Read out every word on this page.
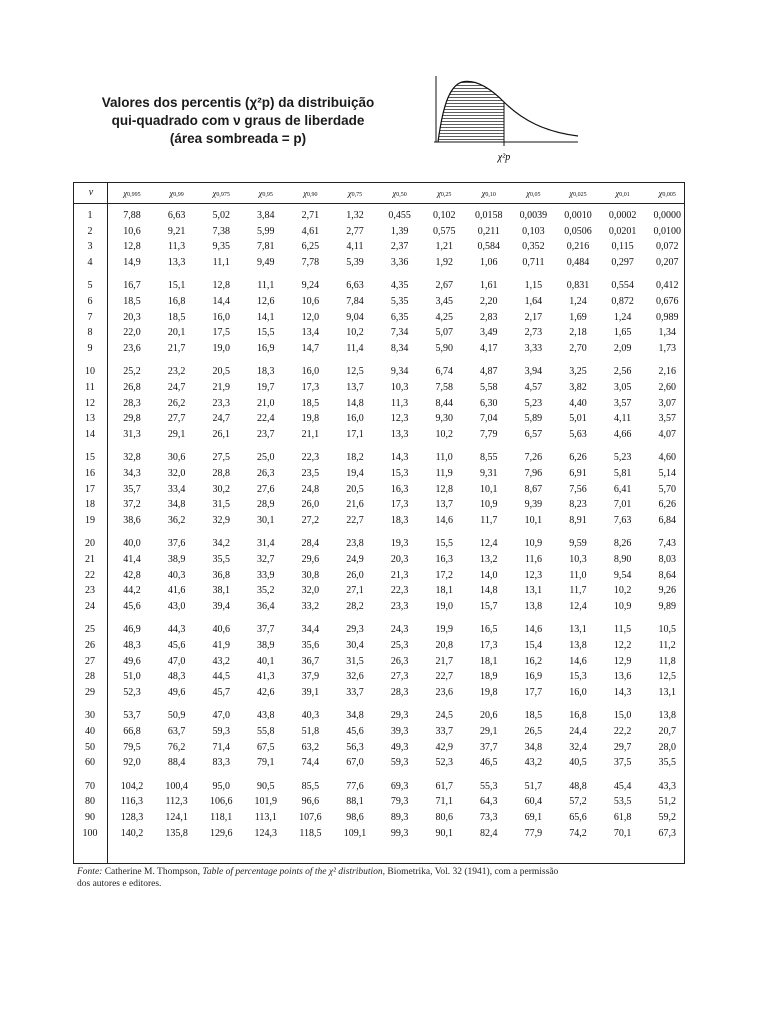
Valores dos percentis (χ²p) da distribuição
qui-quadrado com ν graus de liberdade
(área sombreada = p)
χ²p
ν	χ0,995	χ0,99	χ0,975	χ0,95	χ0,90	χ0,75	χ0,50	χ0,25	χ0,10	χ0,05	χ0,025	χ0,01	χ0,005
1	7,88	6,63	5,02	3,84	2,71	1,32	0,455	0,102	0,0158	0,0039	0,0010	0,0002	0,0000
2	10,6	9,21	7,38	5,99	4,61	2,77	1,39	0,575	0,211	0,103	0,0506	0,0201	0,0100
3	12,8	11,3	9,35	7,81	6,25	4,11	2,37	1,21	0,584	0,352	0,216	0,115	0,072
4	14,9	13,3	11,1	9,49	7,78	5,39	3,36	1,92	1,06	0,711	0,484	0,297	0,207
5	16,7	15,1	12,8	11,1	9,24	6,63	4,35	2,67	1,61	1,15	0,831	0,554	0,412
6	18,5	16,8	14,4	12,6	10,6	7,84	5,35	3,45	2,20	1,64	1,24	0,872	0,676
7	20,3	18,5	16,0	14,1	12,0	9,04	6,35	4,25	2,83	2,17	1,69	1,24	0,989
8	22,0	20,1	17,5	15,5	13,4	10,2	7,34	5,07	3,49	2,73	2,18	1,65	1,34
9	23,6	21,7	19,0	16,9	14,7	11,4	8,34	5,90	4,17	3,33	2,70	2,09	1,73
10	25,2	23,2	20,5	18,3	16,0	12,5	9,34	6,74	4,87	3,94	3,25	2,56	2,16
11	26,8	24,7	21,9	19,7	17,3	13,7	10,3	7,58	5,58	4,57	3,82	3,05	2,60
12	28,3	26,2	23,3	21,0	18,5	14,8	11,3	8,44	6,30	5,23	4,40	3,57	3,07
13	29,8	27,7	24,7	22,4	19,8	16,0	12,3	9,30	7,04	5,89	5,01	4,11	3,57
14	31,3	29,1	26,1	23,7	21,1	17,1	13,3	10,2	7,79	6,57	5,63	4,66	4,07
15	32,8	30,6	27,5	25,0	22,3	18,2	14,3	11,0	8,55	7,26	6,26	5,23	4,60
16	34,3	32,0	28,8	26,3	23,5	19,4	15,3	11,9	9,31	7,96	6,91	5,81	5,14
17	35,7	33,4	30,2	27,6	24,8	20,5	16,3	12,8	10,1	8,67	7,56	6,41	5,70
18	37,2	34,8	31,5	28,9	26,0	21,6	17,3	13,7	10,9	9,39	8,23	7,01	6,26
19	38,6	36,2	32,9	30,1	27,2	22,7	18,3	14,6	11,7	10,1	8,91	7,63	6,84
20	40,0	37,6	34,2	31,4	28,4	23,8	19,3	15,5	12,4	10,9	9,59	8,26	7,43
21	41,4	38,9	35,5	32,7	29,6	24,9	20,3	16,3	13,2	11,6	10,3	8,90	8,03
22	42,8	40,3	36,8	33,9	30,8	26,0	21,3	17,2	14,0	12,3	11,0	9,54	8,64
23	44,2	41,6	38,1	35,2	32,0	27,1	22,3	18,1	14,8	13,1	11,7	10,2	9,26
24	45,6	43,0	39,4	36,4	33,2	28,2	23,3	19,0	15,7	13,8	12,4	10,9	9,89
25	46,9	44,3	40,6	37,7	34,4	29,3	24,3	19,9	16,5	14,6	13,1	11,5	10,5
26	48,3	45,6	41,9	38,9	35,6	30,4	25,3	20,8	17,3	15,4	13,8	12,2	11,2
27	49,6	47,0	43,2	40,1	36,7	31,5	26,3	21,7	18,1	16,2	14,6	12,9	11,8
28	51,0	48,3	44,5	41,3	37,9	32,6	27,3	22,7	18,9	16,9	15,3	13,6	12,5
29	52,3	49,6	45,7	42,6	39,1	33,7	28,3	23,6	19,8	17,7	16,0	14,3	13,1
30	53,7	50,9	47,0	43,8	40,3	34,8	29,3	24,5	20,6	18,5	16,8	15,0	13,8
40	66,8	63,7	59,3	55,8	51,8	45,6	39,3	33,7	29,1	26,5	24,4	22,2	20,7
50	79,5	76,2	71,4	67,5	63,2	56,3	49,3	42,9	37,7	34,8	32,4	29,7	28,0
60	92,0	88,4	83,3	79,1	74,4	67,0	59,3	52,3	46,5	43,2	40,5	37,5	35,5
70	104,2	100,4	95,0	90,5	85,5	77,6	69,3	61,7	55,3	51,7	48,8	45,4	43,3
80	116,3	112,3	106,6	101,9	96,6	88,1	79,3	71,1	64,3	60,4	57,2	53,5	51,2
90	128,3	124,1	118,1	113,1	107,6	98,6	89,3	80,6	73,3	69,1	65,6	61,8	59,2
100	140,2	135,8	129,6	124,3	118,5	109,1	99,3	90,1	82,4	77,9	74,2	70,1	67,3
Fonte: Catherine M. Thompson, Table of percentage points of the χ² distribution, Biometrika, Vol. 32 (1941), com a permissão
dos autores e editores.
